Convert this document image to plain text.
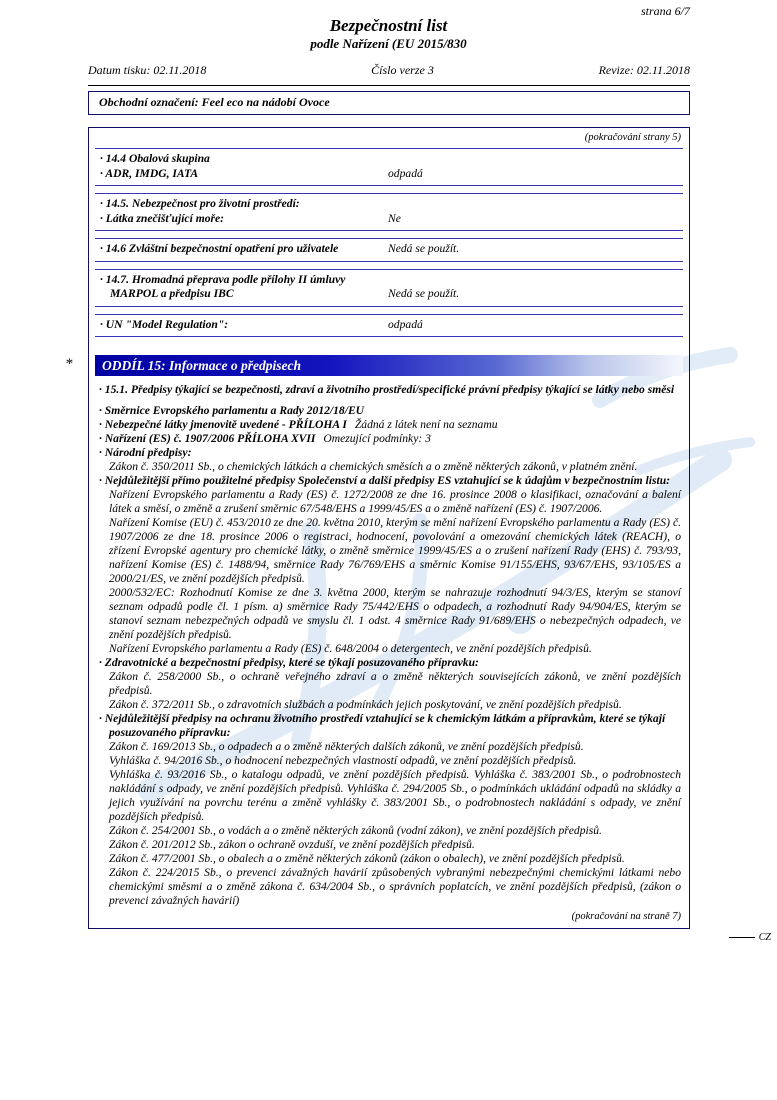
strana 6/7
Bezpečnostní list
podle Nařízení (EU 2015/830
Datum tisku: 02.11.2018	Číslo verze 3	Revize: 02.11.2018
Obchodní označení: Feel eco na nádobí Ovoce
(pokračování strany 5)
· 14.4 Obalová skupina
· ADR, IMDG, IATA	odpadá
· 14.5. Nebezpečnost pro životní prostředí:
· Látka znečišťující moře:	Ne
· 14.6 Zvláštní bezpečnostní opatření pro uživatele	Nedá se použít.
· 14.7. Hromadná přeprava podle přílohy II úmluvy
MARPOL a předpisu IBC	Nedá se použít.
· UN "Model Regulation":	odpadá
*	ODDÍL 15: Informace o předpisech
· 15.1. Předpisy týkající se bezpečnosti, zdraví a životního prostředí/specifické právní předpisy týkající se látky nebo směsi
· Směrnice Evropského parlamentu a Rady 2012/18/EU
· Nebezpečné látky jmenovitě uvedené - PŘÍLOHA I Žádná z látek není na seznamu
· Nařízení (ES) č. 1907/2006 PŘÍLOHA XVII Omezující podmínky: 3
· Národní předpisy:
Zákon č. 350/2011 Sb., o chemických látkách a chemických směsích a o změně některých zákonů, v platném znění.
· Nejdůležitější přímo použitelné předpisy Společenství a další předpisy ES vztahující se k údajům v bezpečnostním listu:
Nařízení Evropského parlamentu a Rady (ES) č. 1272/2008 ze dne 16. prosince 2008 o klasifikaci, označování a balení látek a směsí, o změně a zrušení směrnic 67/548/EHS a 1999/45/ES a o změně nařízení (ES) č. 1907/2006.
Nařízení Komise (EU) č. 453/2010 ze dne 20. května 2010, kterým se mění nařízení Evropského parlamentu a Rady (ES) č. 1907/2006 ze dne 18. prosince 2006 o registraci, hodnocení, povolování a omezování chemických látek (REACH), o zřízení Evropské agentury pro chemické látky, o změně směrnice 1999/45/ES a o zrušení nařízení Rady (EHS) č. 793/93, nařízení Komise (ES) č. 1488/94, směrnice Rady 76/769/EHS a směrnic Komise 91/155/EHS, 93/67/EHS, 93/105/ES a 2000/21/ES, ve znění pozdějších předpisů.
2000/532/EC: Rozhodnutí Komise ze dne 3. května 2000, kterým se nahrazuje rozhodnutí 94/3/ES, kterým se stanoví seznam odpadů podle čl. 1 písm. a) směrnice Rady 75/442/EHS o odpadech, a rozhodnutí Rady 94/904/ES, kterým se stanoví seznam nebezpečných odpadů ve smyslu čl. 1 odst. 4 směrnice Rady 91/689/EHS o nebezpečných odpadech, ve znění pozdějších předpisů.
Nařízení Evropského parlamentu a Rady (ES) č. 648/2004 o detergentech, ve znění pozdějších předpisů.
· Zdravotnické a bezpečnostní předpisy, které se týkají posuzovaného přípravku:
Zákon č. 258/2000 Sb., o ochraně veřejného zdraví a o změně některých souvisejících zákonů, ve znění pozdějších předpisů.
Zákon č. 372/2011 Sb., o zdravotních službách a podmínkách jejich poskytování, ve znění pozdějších předpisů.
· Nejdůležitější předpisy na ochranu životního prostředí vztahující se k chemickým látkám a přípravkům, které se týkají posuzovaného přípravku:
Zákon č. 169/2013 Sb., o odpadech a o změně některých dalších zákonů, ve znění pozdějších předpisů.
Vyhláška č. 94/2016 Sb., o hodnocení nebezpečných vlastností odpadů, ve znění pozdějších předpisů.
Vyhláška č. 93/2016 Sb., o katalogu odpadů, ve znění pozdějších předpisů. Vyhláška č. 383/2001 Sb., o podrobnostech nakládání s odpady, ve znění pozdějších předpisů. Vyhláška č. 294/2005 Sb., o podmínkách ukládání odpadů na skládky a jejich využívání na povrchu terénu a změně vyhlášky č. 383/2001 Sb., o podrobnostech nakládání s odpady, ve znění pozdějších předpisů.
Zákon č. 254/2001 Sb., o vodách a o změně některých zákonů (vodní zákon), ve znění pozdějších předpisů.
Zákon č. 201/2012 Sb., zákon o ochraně ovzduší, ve znění pozdějších předpisů.
Zákon č. 477/2001 Sb., o obalech a o změně některých zákonů (zákon o obalech), ve znění pozdějších předpisů.
Zákon č. 224/2015 Sb., o prevenci závažných havárií způsobených vybranými nebezpečnými chemickými látkami nebo chemickými směsmi a o změně zákona č. 634/2004 Sb., o správních poplatcích, ve znění pozdějších předpisů, (zákon o prevenci závažných havárií)
(pokračování na straně 7)
CZ
